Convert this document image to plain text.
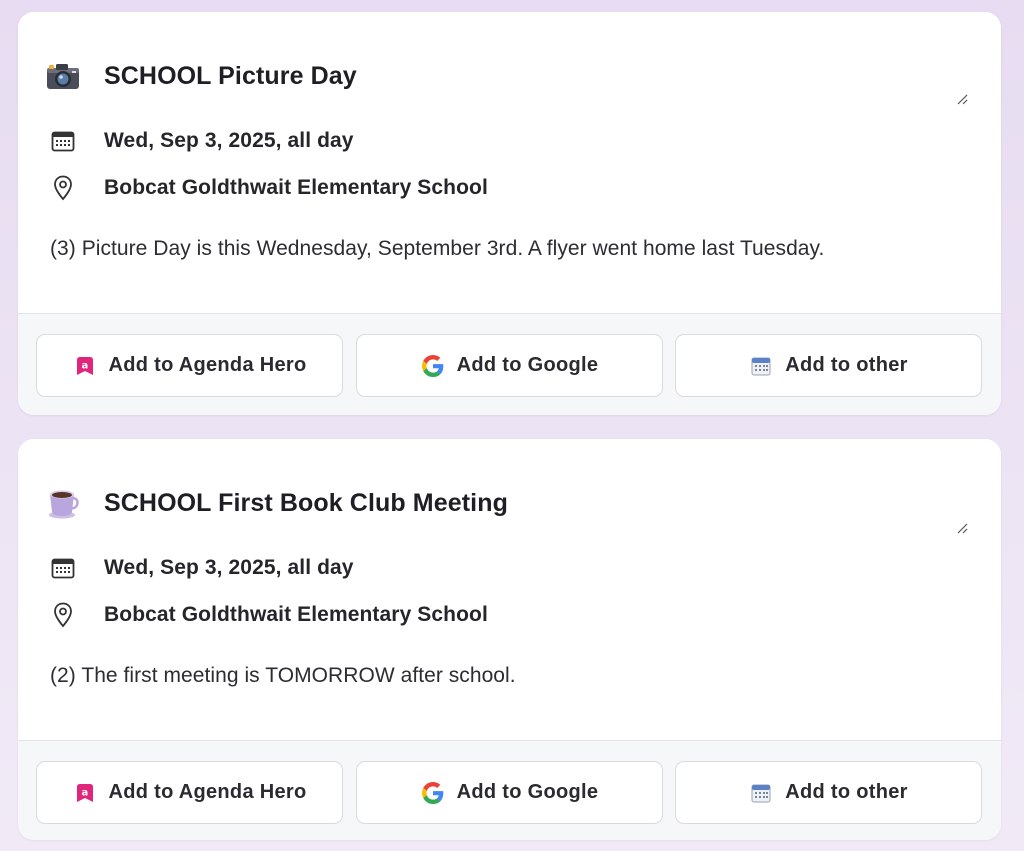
SCHOOL Picture Day
Wed, Sep 3, 2025, all day
Bobcat Goldthwait Elementary School
(3) Picture Day is this Wednesday, September 3rd. A flyer went home last Tuesday.
a Add to Agenda Hero	Add to Google	Add to other
SCHOOL First Book Club Meeting
Wed, Sep 3, 2025, all day
Bobcat Goldthwait Elementary School
(2) The first meeting is TOMORROW after school.
a Add to Agenda Hero	Add to Google	Add to other
